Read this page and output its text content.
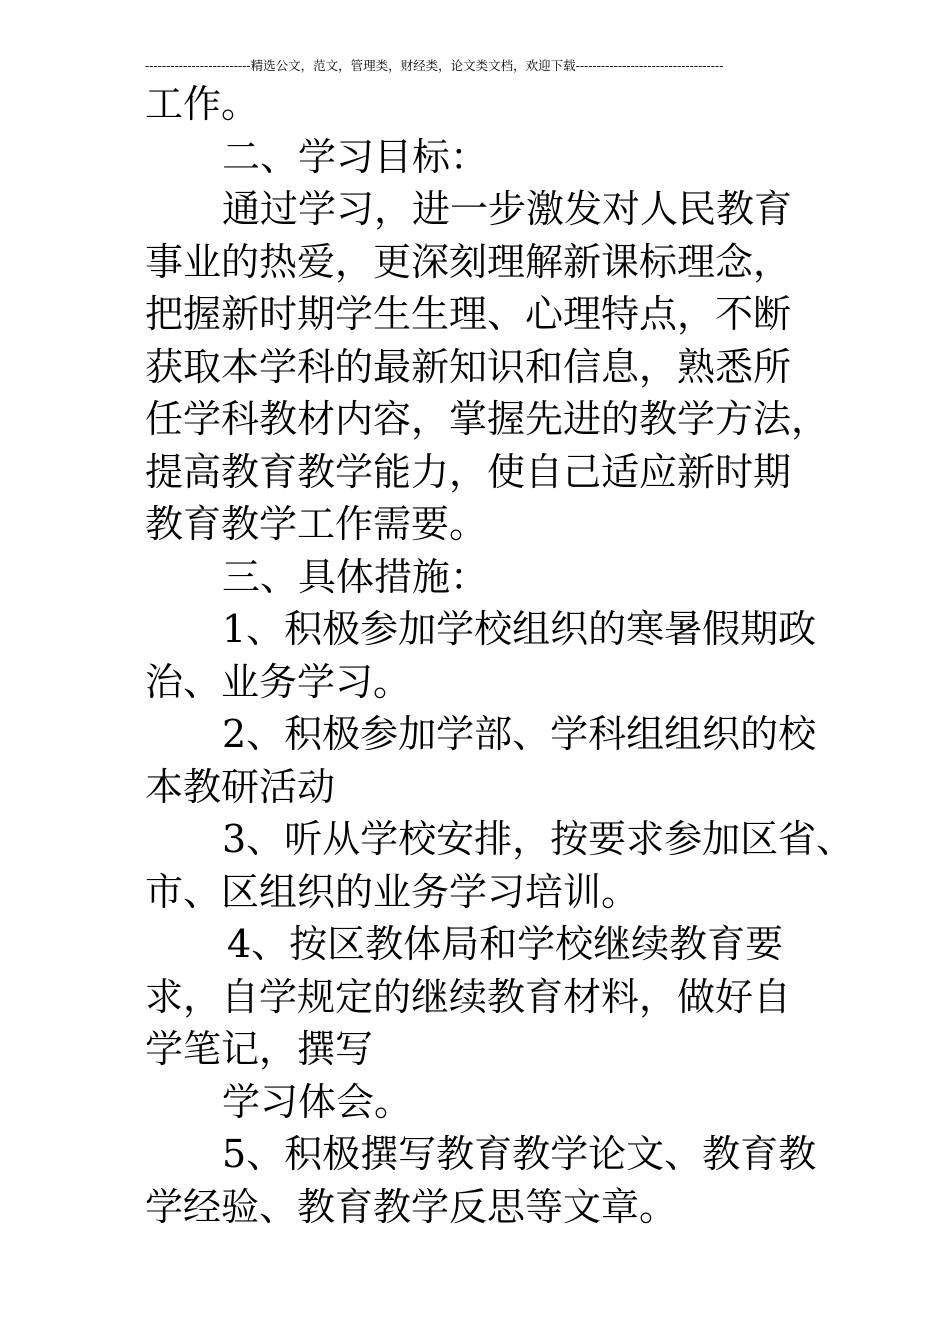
-------------------------精选公文，范文，管理类，财经类，论文类文档，欢迎下载-----------------------------------
工作。
二、学习目标：
通过学习，进一步激发对人民教育
事业的热爱，更深刻理解新课标理念，
把握新时期学生生理、心理特点，不断
获取本学科的最新知识和信息，熟悉所
任学科教材内容，掌握先进的教学方法，
提高教育教学能力，使自己适应新时期
教育教学工作需要。
三、具体措施：
1、积极参加学校组织的寒暑假期政
治、业务学习。
2、积极参加学部、学科组组织的校
本教研活动
3、听从学校安排，按要求参加区省、
市、区组织的业务学习培训。
4、按区教体局和学校继续教育要
求，自学规定的继续教育材料，做好自
学笔记，撰写
学习体会。
5、积极撰写教育教学论文、教育教
学经验、教育教学反思等文章。
